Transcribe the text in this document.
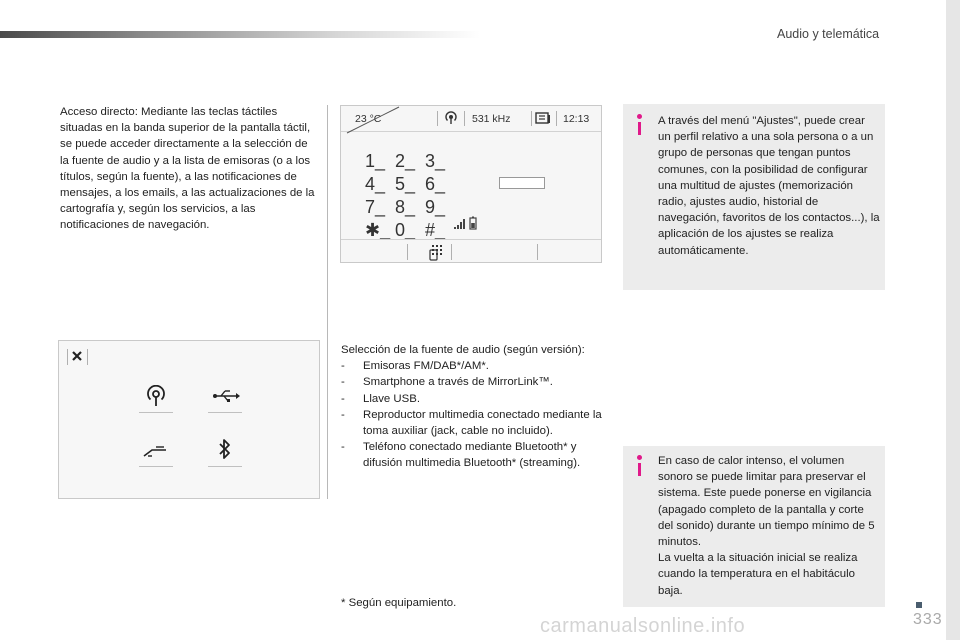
Audio y telemática
Acceso directo: Mediante las teclas táctiles situadas en la banda superior de la pantalla táctil, se puede acceder directamente a la selección de la fuente de audio y a la lista de emisoras (o a los títulos, según la fuente), a las notificaciones de mensajes, a los emails, a las actualizaciones de la cartografía y, según los servicios, a las notificaciones de navegación.
23 °C	531 kHz	12:13
1_ 2_ 3_
4_ 5_ 6_
7_ 8_ 9_
✱_ 0_ #_
A través del menú "Ajustes", puede crear un perfil relativo a una sola persona o a un grupo de personas que tengan puntos comunes, con la posibilidad de configurar una multitud de ajustes (memorización radio, ajustes audio, historial de navegación, favoritos de los contactos...), la aplicación de los ajustes se realiza automáticamente.
Selección de la fuente de audio (según versión):
- Emisoras FM/DAB*/AM*.
- Smartphone a través de MirrorLink™.
- Llave USB.
- Reproductor multimedia conectado mediante la toma auxiliar (jack, cable no incluido).
- Teléfono conectado mediante Bluetooth* y difusión multimedia Bluetooth* (streaming).	En caso de calor intenso, el volumen sonoro se puede limitar para preservar el sistema. Este puede ponerse en vigilancia (apagado completo de la pantalla y corte del sonido) durante un tiempo mínimo de 5 minutos.

La vuelta a la situación inicial se realiza cuando la temperatura en el habitáculo baja.

* Según equipamiento.
carmanualsonline.info	333
